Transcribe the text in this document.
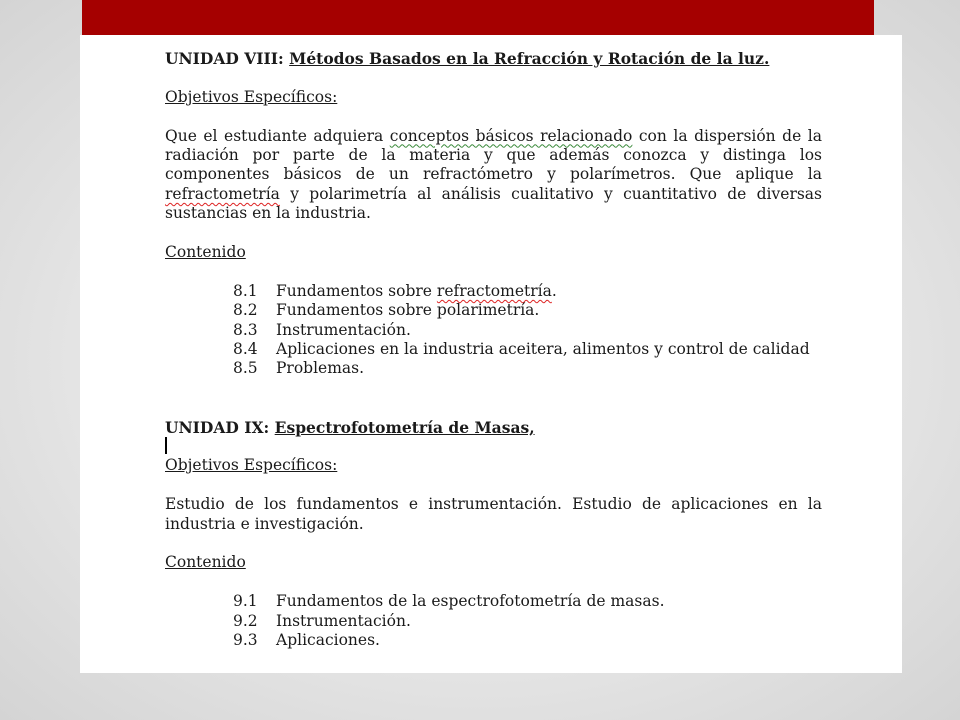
UNIDAD VIII: Métodos Basados en la Refracción y Rotación de la luz.
Objetivos Específicos:
Que el estudiante adquiera conceptos básicos relacionado con la dispersión de la radiación por parte de la materia y que además conozca y distinga los componentes básicos de un refractómetro y polarímetros. Que aplique la refractometría y polarimetría al análisis cualitativo y cuantitativo de diversas sustancias en la industria.
Contenido
8.1	Fundamentos sobre refractometría.
8.2	Fundamentos sobre polarimetría.
8.3	Instrumentación.
8.4	Aplicaciones en la industria aceitera, alimentos y control de calidad
8.5	Problemas.
UNIDAD IX: Espectrofotometría de Masas,
Objetivos Específicos:
Estudio de los fundamentos e instrumentación. Estudio de aplicaciones en la industria e investigación.
Contenido
9.1	Fundamentos de la espectrofotometría de masas.
9.2	Instrumentación.
9.3	Aplicaciones.
